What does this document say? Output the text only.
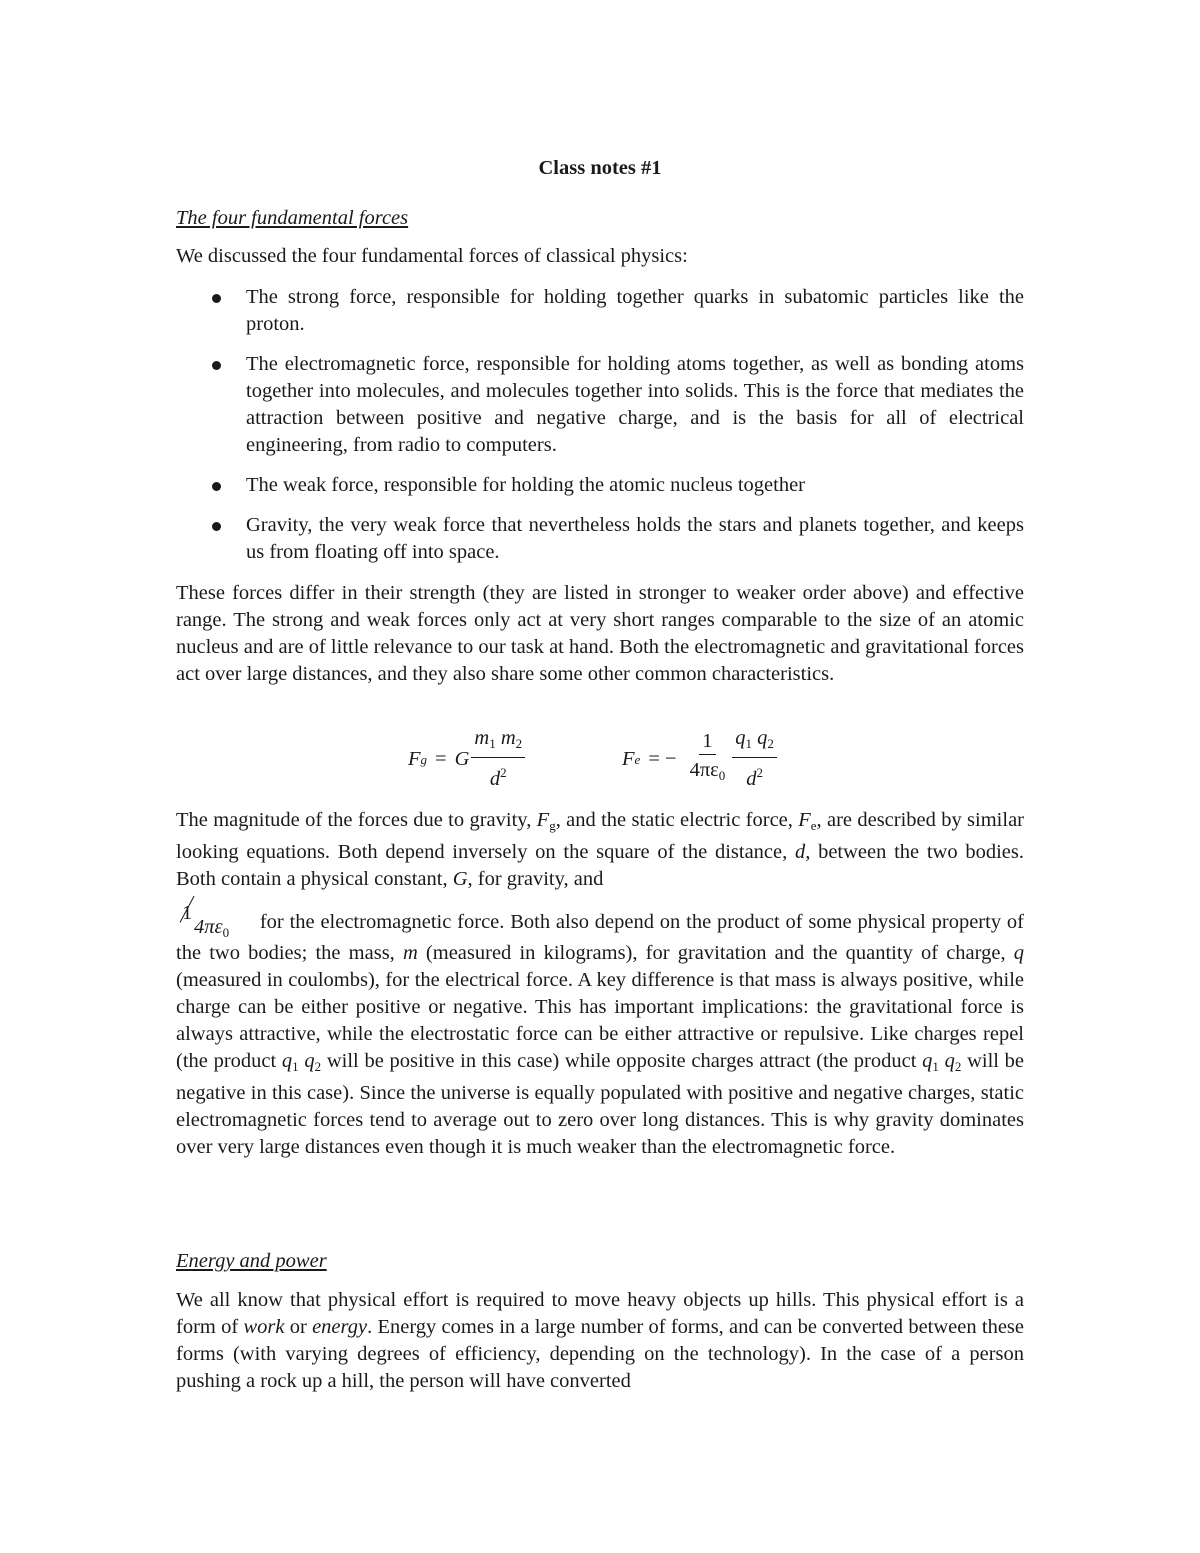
Class notes #1
The four fundamental forces

We discussed the four fundamental forces of classical physics:

The strong force, responsible for holding together quarks in subatomic particles like the proton.
The electromagnetic force, responsible for holding atoms together, as well as bonding atoms together into molecules, and molecules together into solids. This is the force that mediates the attraction between positive and negative charge, and is the basis for all of electrical engineering, from radio to computers.
The weak force, responsible for holding the atomic nucleus together
Gravity, the very weak force that nevertheless holds the stars and planets together, and keeps us from floating off into space.

These forces differ in their strength (they are listed in stronger to weaker order above) and effective range. The strong and weak forces only act at very short ranges comparable to the size of an atomic nucleus and are of little relevance to our task at hand. Both the electromagnetic and gravitational forces act over large distances, and they also share some other common characteristics.

F g = G $\frac{m_1 m_2}{d^2}$	F e = − $\frac{1}{4\pi\varepsilon_0} \frac{q_1 q_2}{d^2}$

The magnitude of the forces due to gravity, Fg, and the static electric force, Fe, are described by similar looking equations. Both depend inversely on the square of the distance, d, between the two bodies. Both contain a physical constant, G, for gravity, and
1
$4\pi\varepsilon_0$ for the electromagnetic force. Both also depend on the product of some physical property of the two bodies; the mass, m (measured in kilograms), for gravitation and the quantity of charge, q (measured in coulombs), for the electrical force. A key difference is that mass is always positive, while charge can be either positive or negative. This has important implications: the gravitational force is always attractive, while the electrostatic force can be either attractive or repulsive. Like charges repel (the product $q_1$ $q_2$ will be positive in this case) while opposite charges attract (the product $q_1$ $q_2$ will be negative in this case). Since the universe is equally populated with positive and negative charges, static electromagnetic forces tend to average out to zero over long distances. This is why gravity dominates over very large distances even though it is much weaker than the electromagnetic force.

Energy and power

We all know that physical effort is required to move heavy objects up hills. This physical effort is a form of work or energy. Energy comes in a large number of forms, and can be converted between these forms (with varying degrees of efficiency, depending on the technology). In the case of a person pushing a rock up a hill, the person will have converted
